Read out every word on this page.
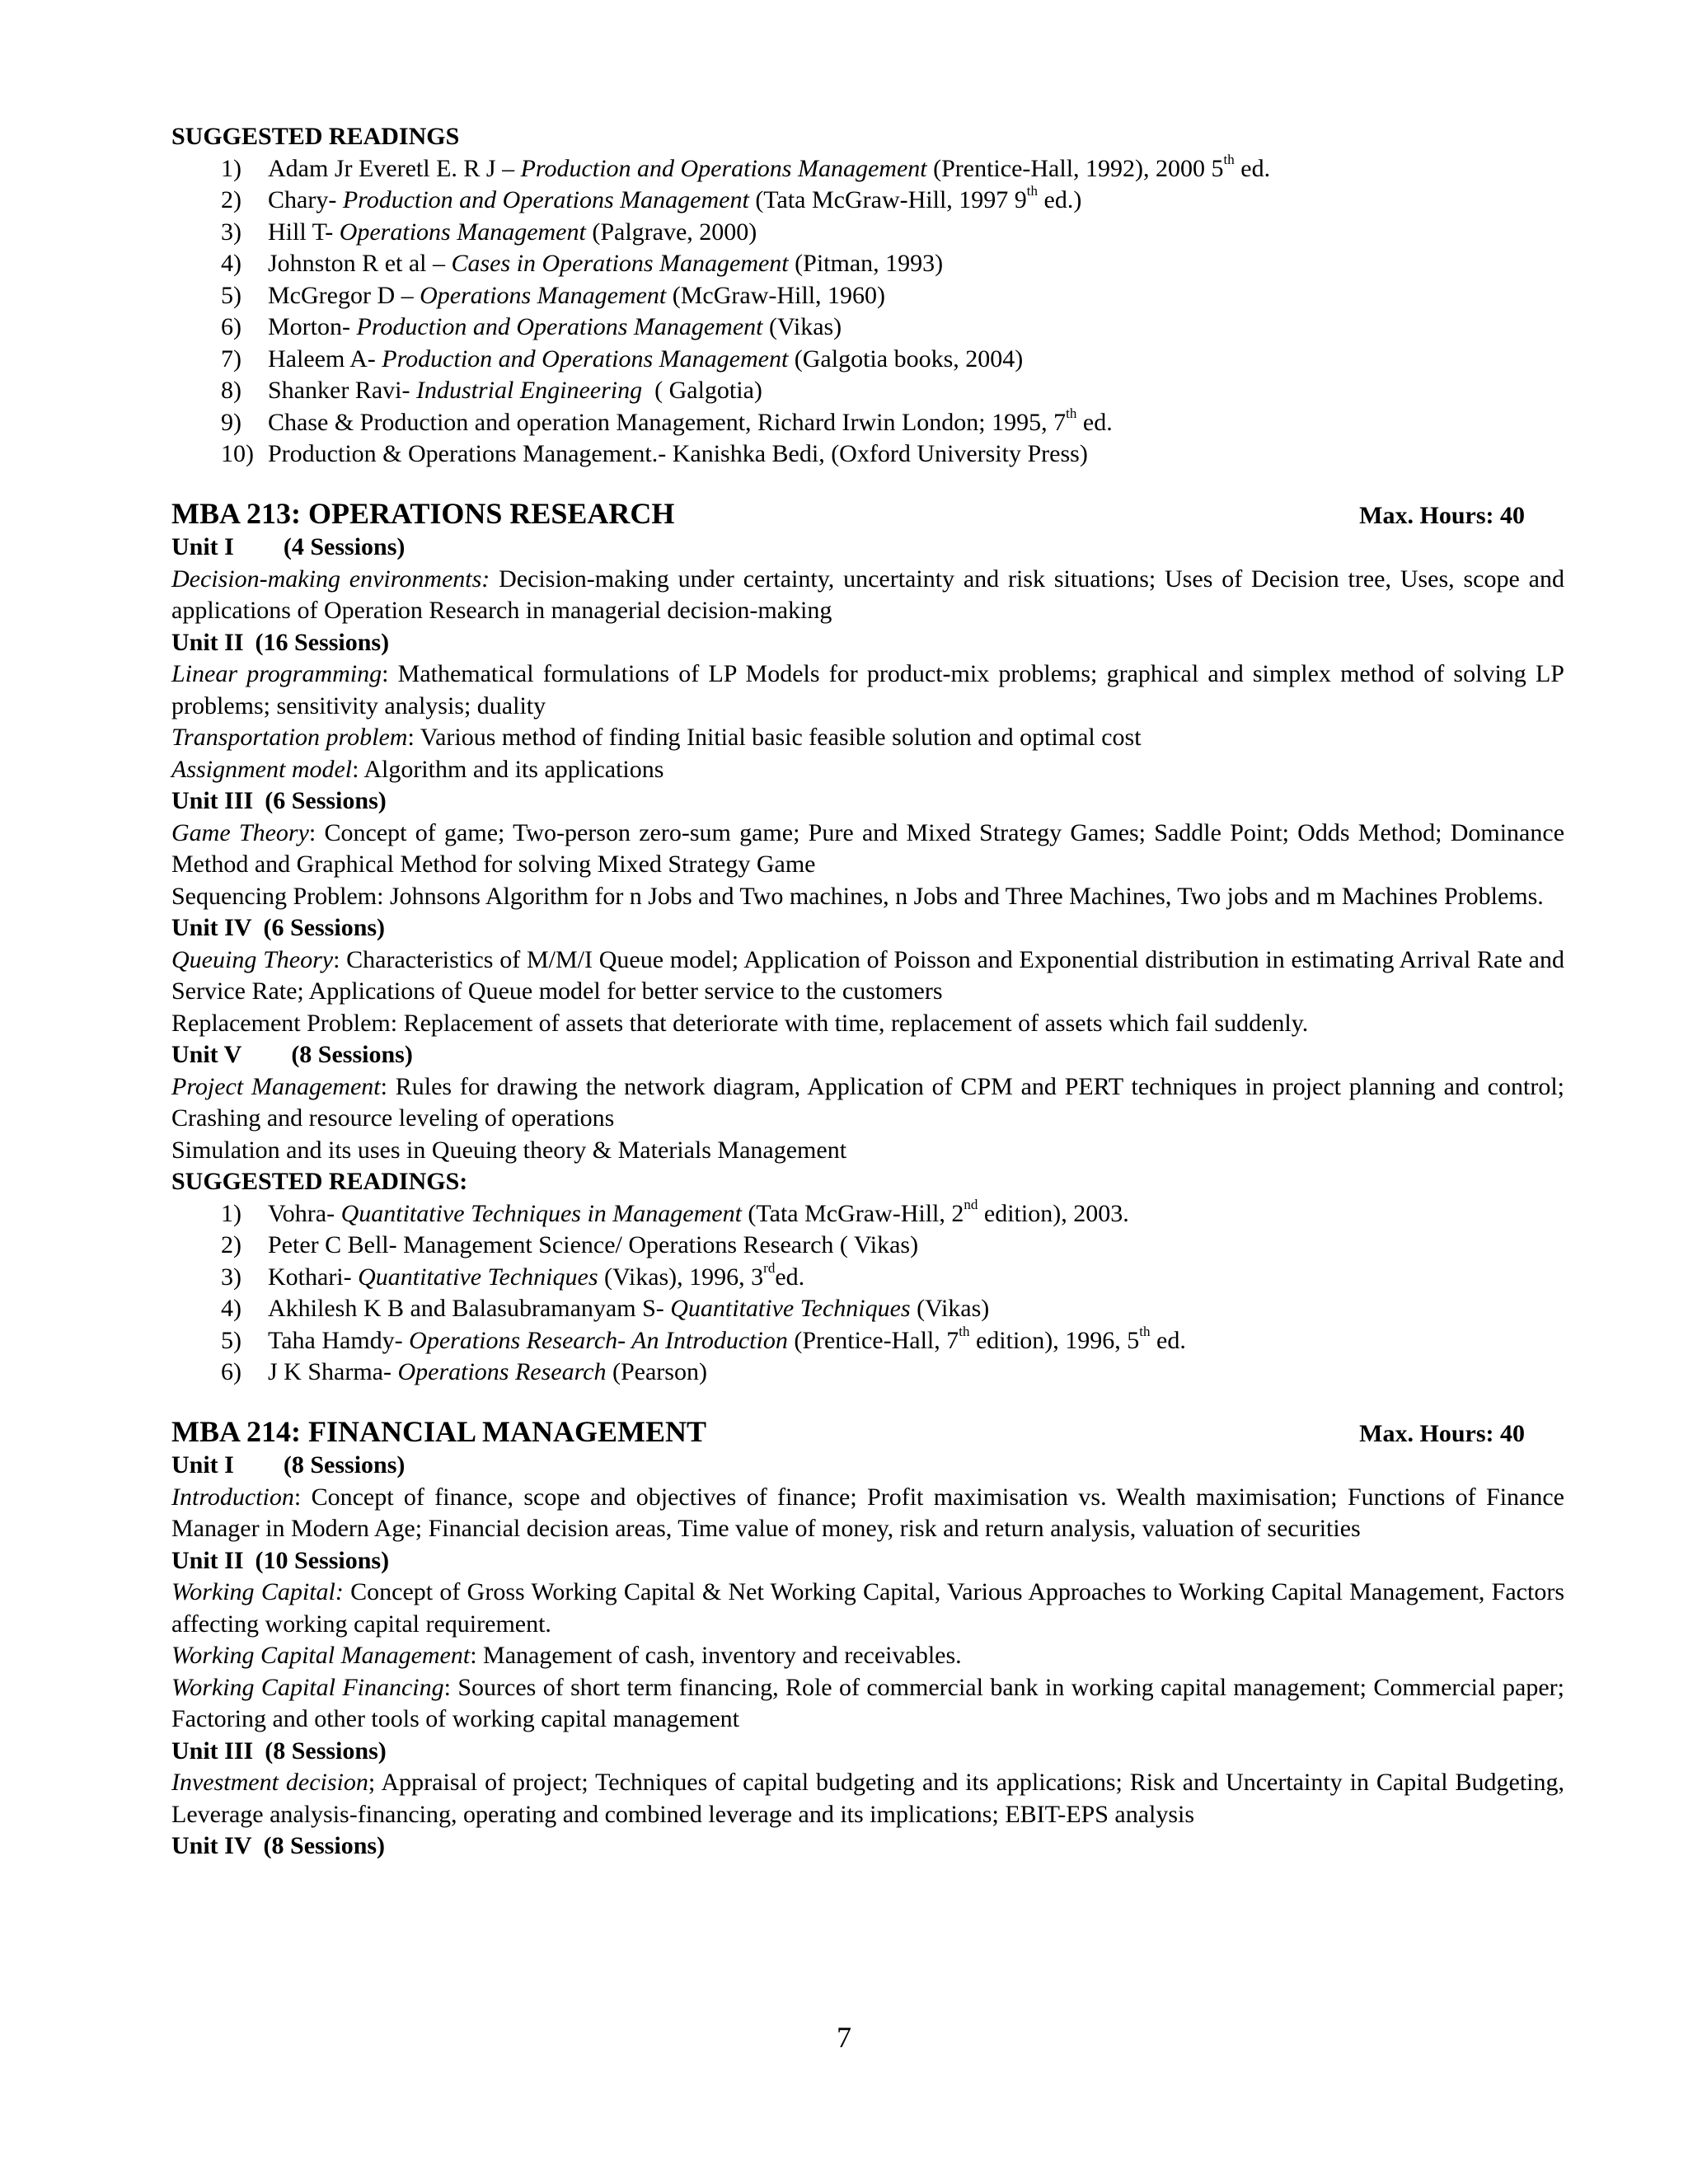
SUGGESTED READINGS
1)	Adam Jr Everetl E. R J – Production and Operations Management (Prentice-Hall, 1992), 2000 5th ed.
2)	Chary- Production and Operations Management (Tata McGraw-Hill, 1997 9th ed.)
3)	Hill T- Operations Management (Palgrave, 2000)
4)	Johnston R et al – Cases in Operations Management (Pitman, 1993)
5)	McGregor D – Operations Management (McGraw-Hill, 1960)
6)	Morton- Production and Operations Management (Vikas)
7)	Haleem A- Production and Operations Management (Galgotia books, 2004)
8)	Shanker Ravi- Industrial Engineering  ( Galgotia)
9)	Chase & Production and operation Management, Richard Irwin London; 1995, 7th ed.
10) Production & Operations Management.- Kanishka Bedi, (Oxford University Press)
MBA 213: OPERATIONS RESEARCH	Max. Hours: 40
Unit I (4 Sessions)
Decision-making environments: Decision-making under certainty, uncertainty and risk situations; Uses of Decision tree, Uses, scope and applications of Operation Research in managerial decision-making
Unit II (16 Sessions)
Linear programming: Mathematical formulations of LP Models for product-mix problems; graphical and simplex method of solving LP problems; sensitivity analysis; duality
Transportation problem: Various method of finding Initial basic feasible solution and optimal cost
Assignment model: Algorithm and its applications
Unit III (6 Sessions)
Game Theory: Concept of game; Two-person zero-sum game; Pure and Mixed Strategy Games; Saddle Point; Odds Method; Dominance Method and Graphical Method for solving Mixed Strategy Game
Sequencing Problem: Johnsons Algorithm for n Jobs and Two machines, n Jobs and Three Machines, Two jobs and m Machines Problems.
Unit IV (6 Sessions)
Queuing Theory: Characteristics of M/M/I Queue model; Application of Poisson and Exponential distribution in estimating Arrival Rate and Service Rate; Applications of Queue model for better service to the customers
Replacement Problem: Replacement of assets that deteriorate with time, replacement of assets which fail suddenly.
Unit V (8 Sessions)
Project Management: Rules for drawing the network diagram, Application of CPM and PERT techniques in project planning and control; Crashing and resource leveling of operations
Simulation and its uses in Queuing theory & Materials Management
SUGGESTED READINGS:
1)	Vohra- Quantitative Techniques in Management (Tata McGraw-Hill, 2nd edition), 2003.
2)	Peter C Bell- Management Science/ Operations Research ( Vikas)
3)	Kothari- Quantitative Techniques (Vikas), 1996, 3rded.
4)	Akhilesh K B and Balasubramanyam S- Quantitative Techniques (Vikas)
5)	Taha Hamdy- Operations Research- An Introduction (Prentice-Hall, 7th edition), 1996, 5th ed.
6)	J K Sharma- Operations Research (Pearson)
MBA 214: FINANCIAL MANAGEMENT	Max. Hours: 40
Unit I (8 Sessions)
Introduction: Concept of finance, scope and objectives of finance; Profit maximisation vs. Wealth maximisation; Functions of Finance Manager in Modern Age; Financial decision areas, Time value of money, risk and return analysis, valuation of securities
Unit II (10 Sessions)
Working Capital: Concept of Gross Working Capital & Net Working Capital, Various Approaches to Working Capital Management, Factors affecting working capital requirement.
Working Capital Management: Management of cash, inventory and receivables.
Working Capital Financing: Sources of short term financing, Role of commercial bank in working capital management; Commercial paper; Factoring and other tools of working capital management
Unit III (8 Sessions)
Investment decision; Appraisal of project; Techniques of capital budgeting and its applications; Risk and Uncertainty in Capital Budgeting, Leverage analysis-financing, operating and combined leverage and its implications; EBIT-EPS analysis
Unit IV (8 Sessions)
7
